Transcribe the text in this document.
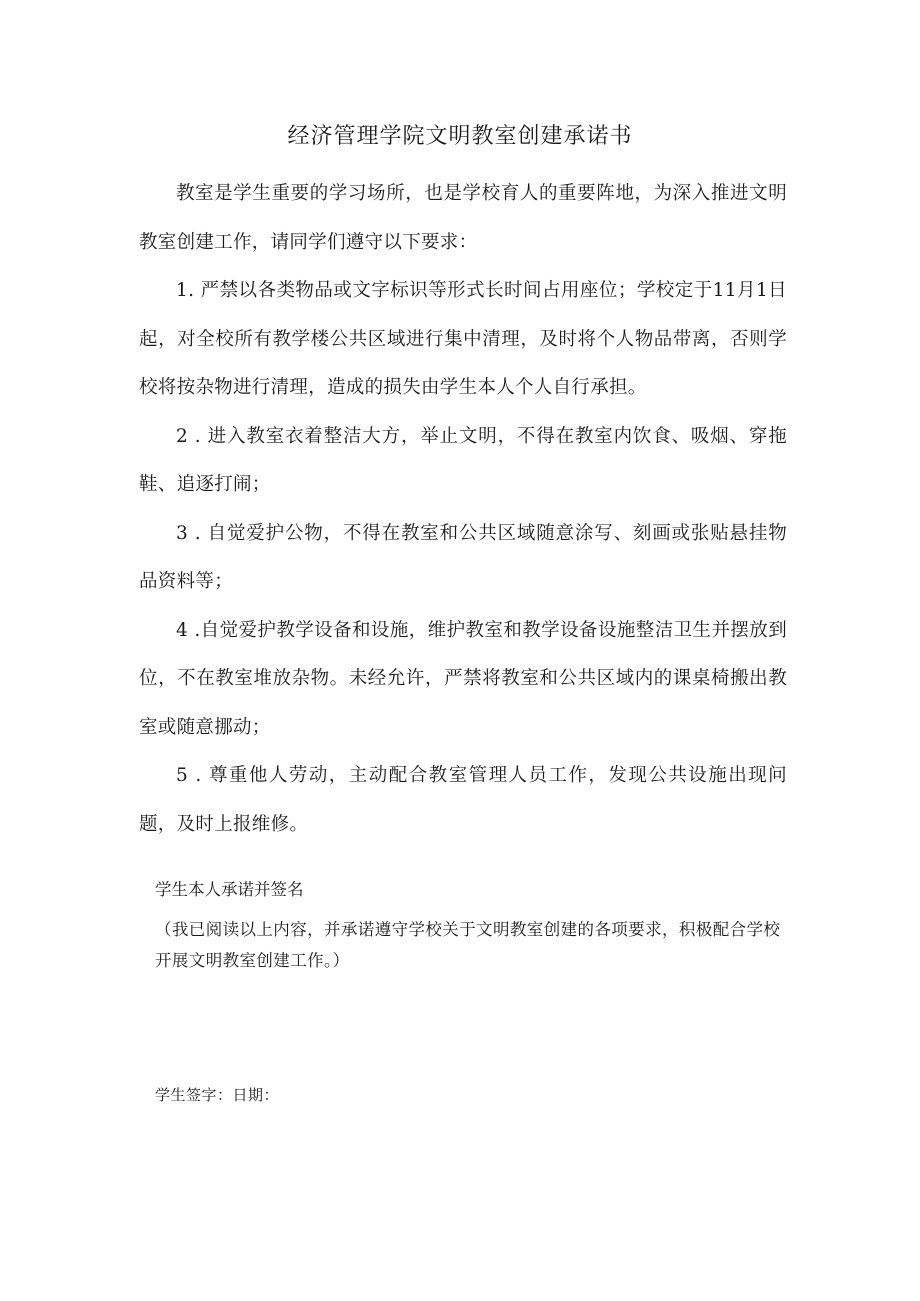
经济管理学院文明教室创建承诺书

教室是学生重要的学习场所，也是学校育人的重要阵地，为深入推进文明教室创建工作，请同学们遵守以下要求：

1. 严禁以各类物品或文字标识等形式长时间占用座位；学校定于11月1日起，对全校所有教学楼公共区域进行集中清理，及时将个人物品带离，否则学校将按杂物进行清理，造成的损失由学生本人个人自行承担。

2 . 进入教室衣着整洁大方，举止文明，不得在教室内饮食、吸烟、穿拖鞋、追逐打闹；

3 . 自觉爱护公物，不得在教室和公共区域随意涂写、刻画或张贴悬挂物品资料等；

4 .自觉爱护教学设备和设施，维护教室和教学设备设施整洁卫生并摆放到位，不在教室堆放杂物。未经允许，严禁将教室和公共区域内的课桌椅搬出教室或随意挪动；

5 . 尊重他人劳动，主动配合教室管理人员工作，发现公共设施出现问题，及时上报维修。

学生本人承诺并签名

（我已阅读以上内容，并承诺遵守学校关于文明教室创建的各项要求，积极配合学校开展文明教室创建工作。）

学生签字：日期：
